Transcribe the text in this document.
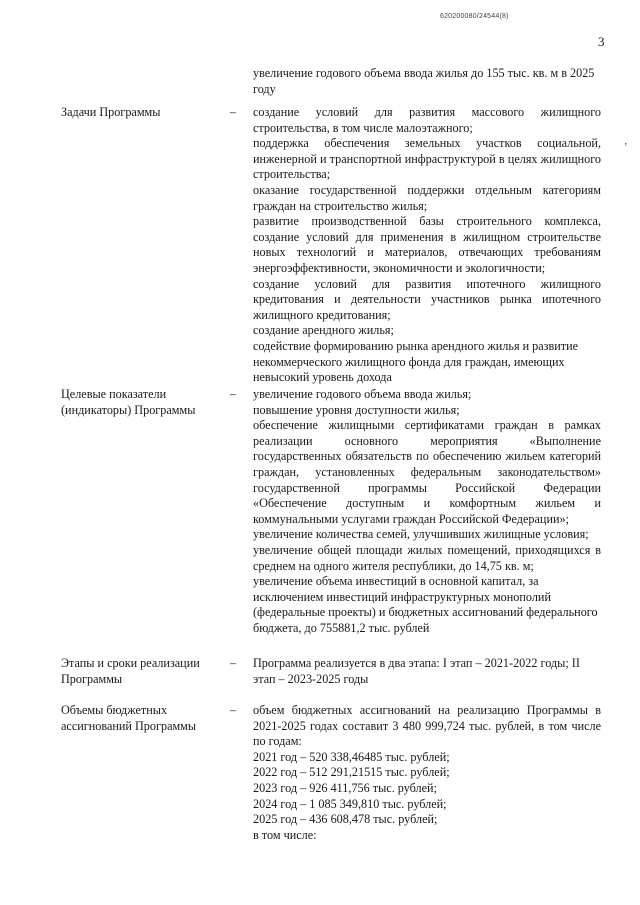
620200080/24544(8)
3
ʼ
увеличение годового объема ввода жилья до 155 тыс. кв. м в 2025 году
Задачи Программы	– создание условий для развития массового жилищного строительства, в том числе малоэтажного;

поддержка обеспечения земельных участков социальной, инженерной и транспортной инфраструктурой в целях жилищного строительства;

оказание государственной поддержки отдельным категориям граждан на строительство жилья;

развитие производственной базы строительного комплекса, создание условий для применения в жилищном строительстве новых технологий и материалов, отвечающих требованиям энергоэффективности, экономичности и экологичности;

создание условий для развития ипотечного жилищного кредитования и деятельности участников рынка ипотечного жилищного кредитования;

создание арендного жилья;

содействие формированию рынка арендного жилья и развитие некоммерческого жилищного фонда для граждан, имеющих невысокий уровень дохода

Целевые показатели (индикаторы) Программы
– увеличение годового объема ввода жилья;

повышение уровня доступности жилья;

обеспечение жилищными сертификатами граждан в рамках реализации основного мероприятия «Выполнение государственных обязательств по обеспечению жильем категорий граждан, установленных федеральным законодательством» государственной программы Российской Федерации «Обеспечение доступным и комфортным жильем и коммунальными услугами граждан Российской Федерации»;

увеличение количества семей, улучшивших жилищные условия;

увеличение общей площади жилых помещений, приходящихся в среднем на одного жителя республики, до 14,75 кв. м;

увеличение объема инвестиций в основной капитал, за исключением инвестиций инфраструктурных монополий (федеральные проекты) и бюджетных ассигнований федерального бюджета, до 755881,2 тыс. рублей

Этапы и сроки реализации Программы
– Программа реализуется в два этапа: I этап – 2021-2022 годы; II этап – 2023-2025 годы

Объемы бюджетных ассигнований Программы
– объем бюджетных ассигнований на реализацию Программы в 2021-2025 годах составит 3 480 999,724 тыс. рублей, в том числе по годам:

2021 год – 520 338,46485 тыс. рублей;

2022 год – 512 291,21515 тыс. рублей;

2023 год – 926 411,756 тыс. рублей;

2024 год – 1 085 349,810 тыс. рублей;

2025 год – 436 608,478 тыс. рублей;

в том числе:
